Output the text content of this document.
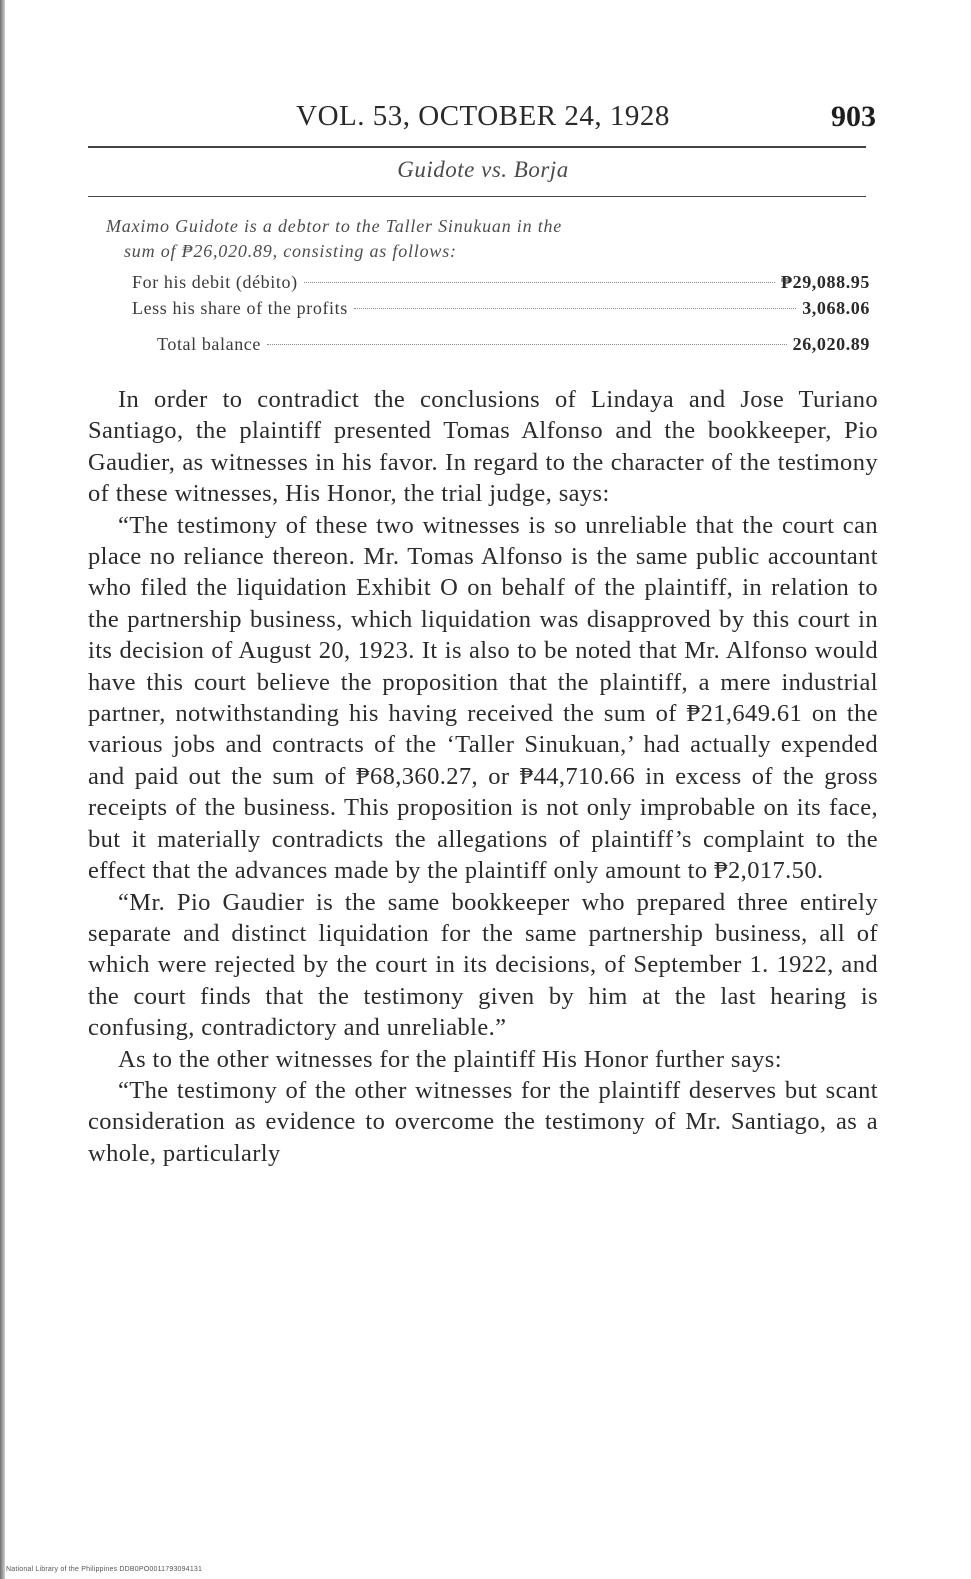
VOL. 53, OCTOBER 24, 1928	903
Guidote vs. Borja
Maximo Guidote is a debtor to the Taller Sinukuan in the
sum of ₱26,020.89, consisting as follows:
For his debit (débito)	₱29,088.95
Less his share of the profits	3,068.06
Total balance	26,020.89

In order to contradict the conclusions of Lindaya and Jose Turiano Santiago, the plaintiff presented Tomas Alfonso and the bookkeeper, Pio Gaudier, as witnesses in his favor. In regard to the character of the testimony of these witnesses, His Honor, the trial judge, says:

“The testimony of these two witnesses is so unreliable that the court can place no reliance thereon. Mr. Tomas Alfonso is the same public accountant who filed the liquidation Exhibit O on behalf of the plaintiff, in relation to the partnership business, which liquidation was disapproved by this court in its decision of August 20, 1923. It is also to be noted that Mr. Alfonso would have this court believe the proposition that the plaintiff, a mere industrial partner, notwithstanding his having received the sum of ₱21,649.61 on the various jobs and contracts of the ‘Taller Sinukuan,’ had actually expended and paid out the sum of ₱68,360.27, or ₱44,710.66 in excess of the gross receipts of the business. This proposition is not only improbable on its face, but it materially contradicts the allegations of plaintiff’s complaint to the effect that the advances made by the plaintiff only amount to ₱2,017.50.

“Mr. Pio Gaudier is the same bookkeeper who prepared three entirely separate and distinct liquidation for the same partnership business, all of which were rejected by the court in its decisions, of September 1. 1922, and the court finds that the testimony given by him at the last hearing is confusing, contradictory and unreliable.”

As to the other witnesses for the plaintiff His Honor further says:

“The testimony of the other witnesses for the plaintiff deserves but scant consideration as evidence to overcome the testimony of Mr. Santiago, as a whole, particularly

National Library of the Philippines DDB0PO0011793094131
